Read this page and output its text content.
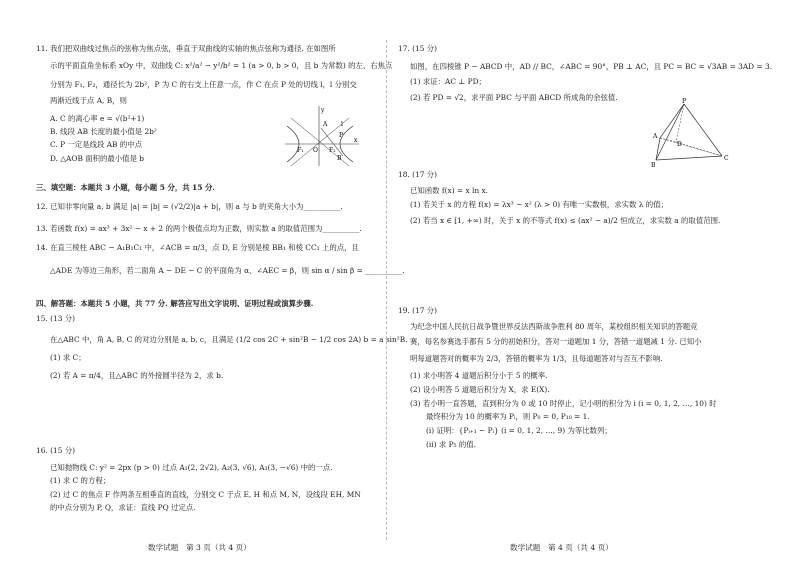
11. 我们把双曲线过焦点的弦称为焦点弦，垂直于双曲线的实轴的焦点弦称为通径. 在如图所
示的平面直角坐标系 xOy 中，双曲线 C: x²/a² − y²/b² = 1 (a > 0, b > 0，且 b 为常数) 的左、右焦点
分别为 F₁, F₂，通径长为 2b²，P 为 C 的右支上任意一点，作 C 在点 P 处的切线 l，l 分别交
两渐近线于点 A, B，则
A. C 的离心率 e = √(b²+1)
B. 线段 AB 长度的最小值是 2b²
C. P 一定是线段 AB 的中点
D. △AOB 面积的最小值是 b
y
A
P
B
F₁ O F₂
x
l
三、填空题：本题共 3 小题，每小题 5 分，共 15 分.
12. 已知非零向量 a, b 满足 |a| = |b| = (√2/2)|a + b|，则 a 与 b 的夹角大小为__________.
13. 若函数 f(x) = ax³ + 3x² − x + 2 的两个极值点均为正数，则实数 a 的取值范围为__________.
14. 在直三棱柱 ABC − A₁B₁C₁ 中，∠ACB = π/3，点 D, E 分别是棱 BB₁ 和棱 CC₁ 上的点，且
△ADE 为等边三角形，若二面角 A − DE − C 的平面角为 α，∠AEC = β，则 sin α / sin β = __________.
四、解答题：本题共 5 小题，共 77 分. 解答应写出文字说明、证明过程或演算步骤.
15. (13 分)
在△ABC 中，角 A, B, C 的对边分别是 a, b, c，且满足 (1/2 cos 2C + sin²B − 1/2 cos 2A) b = a sin²B.
(1) 求 C；
(2) 若 A = π/4，且△ABC 的外接圆半径为 2，求 b.
16. (15 分)
已知抛物线 C: y² = 2px (p > 0) 过点 A₁(2, 2√2), A₂(3, √6), A₃(3, −√6) 中的一点.
(1) 求 C 的方程；
(2) 过 C 的焦点 F 作两条互相垂直的直线，分别交 C 于点 E, H 和点 M, N，设线段 EH, MN
的中点分别为 P, Q，求证：直线 PQ 过定点.
数学试题　第 3 页（共 4 页）
17. (15 分)
如图，在四棱锥 P − ABCD 中，AD // BC，∠ABC = 90°，PB ⊥ AC，且 PC = BC = √3AB = 3AD = 3.
(1) 求证：AC ⊥ PD；
(2) 若 PD = √2，求平面 PBC 与平面 ABCD 所成角的余弦值.	P
A
D
B
C
18. (17 分)
已知函数 f(x) = x ln x.
(1) 若关于 x 的方程 f(x) = λx³ − x² (λ > 0) 有唯一实数根，求实数 λ 的值；
(2) 若当 x ∈ [1, +∞) 时，关于 x 的不等式 f(x) ≤ (ax² − a)/2 恒成立，求实数 a 的取值范围.
19. (17 分)
为纪念中国人民抗日战争暨世界反法西斯战争胜利 80 周年，某校组织相关知识的答题竞
赛，每名参赛选手都有 5 分的初始积分，答对一道题加 1 分，答错一道题减 1 分. 已知小
明每道题答对的概率为 2/3，答错的概率为 1/3，且每道题答对与否互不影响.
(1) 求小明答 4 道题后积分小于 5 的概率.
(2) 设小明答 5 道题后积分为 X，求 E(X).
(3) 若小明一直答题，直到积分为 0 或 10 时停止，记小明的积分为 i (i = 0, 1, 2, …, 10) 时
最终积分为 10 的概率为 Pᵢ，则 P₀ = 0, P₁₀ = 1.
(ⅰ) 证明：{Pᵢ₊₁ − Pᵢ} (i = 0, 1, 2, …, 9) 为等比数列；
(ⅱ) 求 P₅ 的值.
数学试题　第 4 页（共 4 页）
